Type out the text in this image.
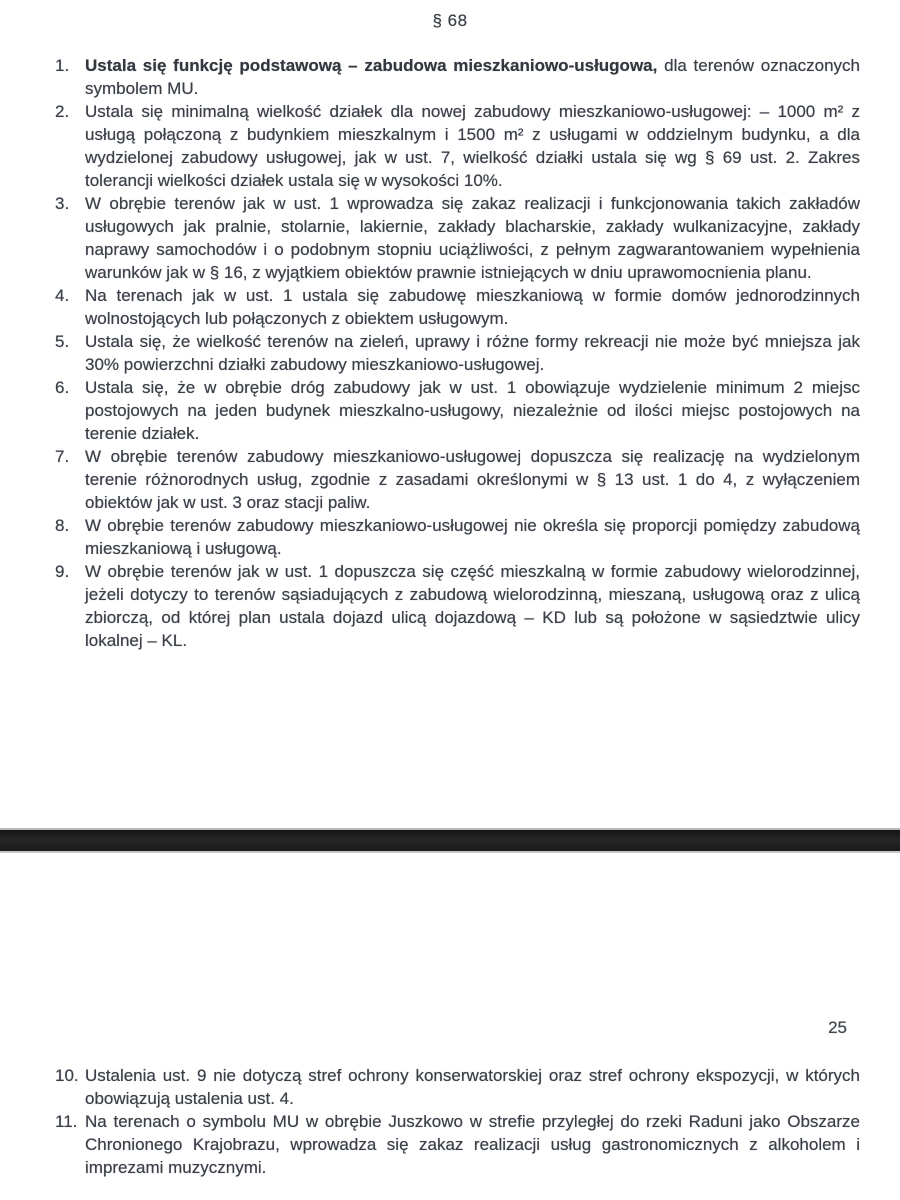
§ 68
1. Ustala się funkcję podstawową – zabudowa mieszkaniowo-usługowa, dla terenów oznaczonych symbolem MU.
2. Ustala się minimalną wielkość działek dla nowej zabudowy mieszkaniowo-usługowej: – 1000 m² z usługą połączoną z budynkiem mieszkalnym i 1500 m² z usługami w oddzielnym budynku, a dla wydzielonej zabudowy usługowej, jak w ust. 7, wielkość działki ustala się wg § 69 ust. 2. Zakres tolerancji wielkości działek ustala się w wysokości 10%.
3. W obrębie terenów jak w ust. 1 wprowadza się zakaz realizacji i funkcjonowania takich zakładów usługowych jak pralnie, stolarnie, lakiernie, zakłady blacharskie, zakłady wulkanizacyjne, zakłady naprawy samochodów i o podobnym stopniu uciążliwości, z pełnym zagwarantowaniem wypełnienia warunków jak w § 16, z wyjątkiem obiektów prawnie istniejących w dniu uprawomocnienia planu.
4. Na terenach jak w ust. 1 ustala się zabudowę mieszkaniową w formie domów jednorodzinnych wolnostojących lub połączonych z obiektem usługowym.
5. Ustala się, że wielkość terenów na zieleń, uprawy i różne formy rekreacji nie może być mniejsza jak 30% powierzchni działki zabudowy mieszkaniowo-usługowej.
6. Ustala się, że w obrębie dróg zabudowy jak w ust. 1 obowiązuje wydzielenie minimum 2 miejsc postojowych na jeden budynek mieszkalno-usługowy, niezależnie od ilości miejsc postojowych na terenie działek.
7. W obrębie terenów zabudowy mieszkaniowo-usługowej dopuszcza się realizację na wydzielonym terenie różnorodnych usług, zgodnie z zasadami określonymi w § 13 ust. 1 do 4, z wyłączeniem obiektów jak w ust. 3 oraz stacji paliw.
8. W obrębie terenów zabudowy mieszkaniowo-usługowej nie określa się proporcji pomiędzy zabudową mieszkaniową i usługową.
9. W obrębie terenów jak w ust. 1 dopuszcza się część mieszkalną w formie zabudowy wielorodzinnej, jeżeli dotyczy to terenów sąsiadujących z zabudową wielorodzinną, mieszaną, usługową oraz z ulicą zbiorczą, od której plan ustala dojazd ulicą dojazdową – KD lub są położone w sąsiedztwie ulicy lokalnej – KL.
25
10. Ustalenia ust. 9 nie dotyczą stref ochrony konserwatorskiej oraz stref ochrony ekspozycji, w których obowiązują ustalenia ust. 4.
11. Na terenach o symbolu MU w obrębie Juszkowo w strefie przyległej do rzeki Raduni jako Obszarze Chronionego Krajobrazu, wprowadza się zakaz realizacji usług gastronomicznych z alkoholem i imprezami muzycznymi.
